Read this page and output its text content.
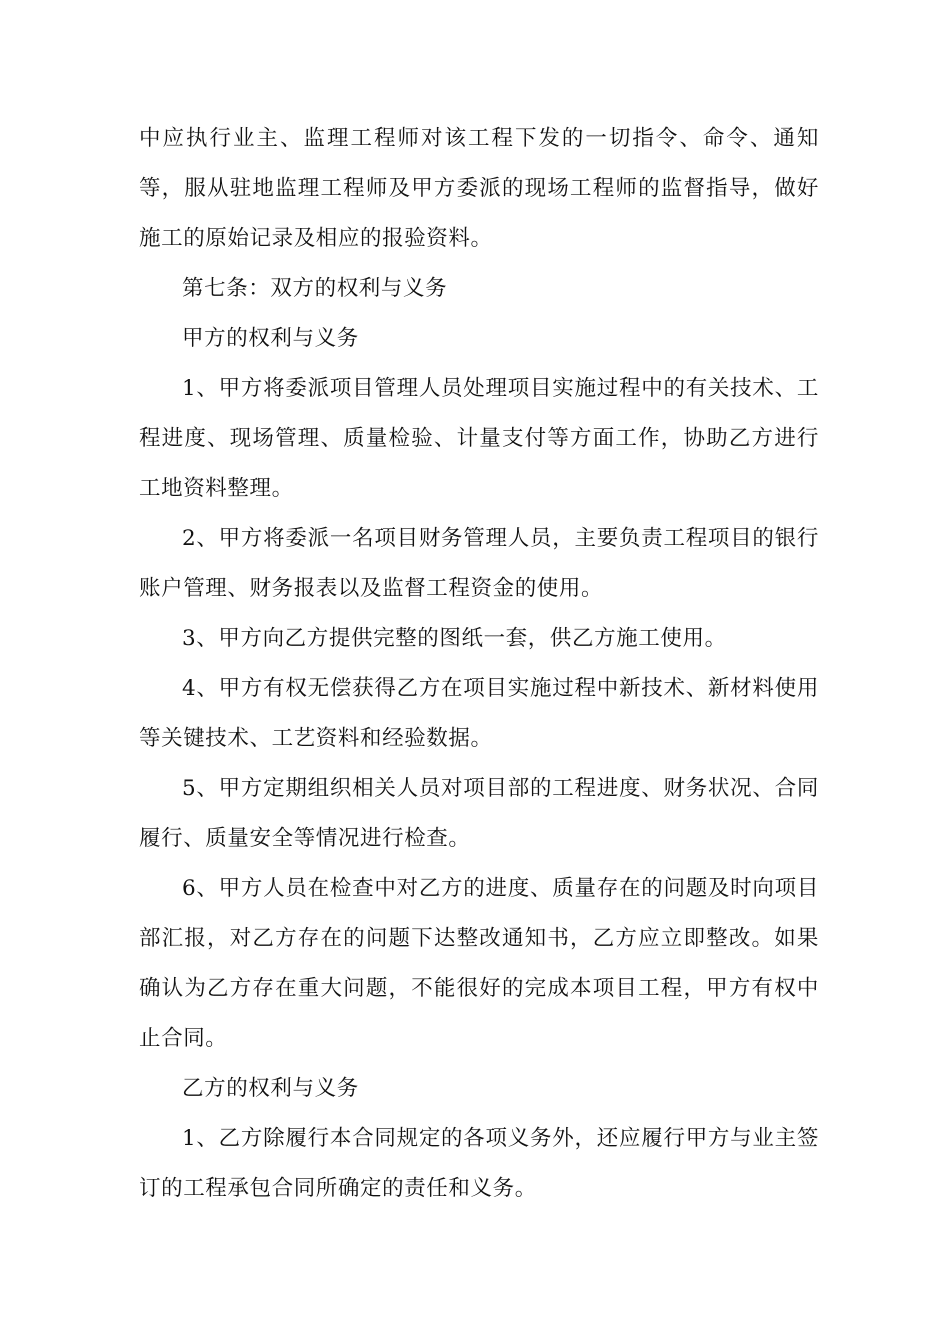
中应执行业主、监理工程师对该工程下发的一切指令、命令、通知等，服从驻地监理工程师及甲方委派的现场工程师的监督指导，做好施工的原始记录及相应的报验资料。

第七条：双方的权利与义务

甲方的权利与义务

1、甲方将委派项目管理人员处理项目实施过程中的有关技术、工程进度、现场管理、质量检验、计量支付等方面工作，协助乙方进行工地资料整理。

2、甲方将委派一名项目财务管理人员，主要负责工程项目的银行账户管理、财务报表以及监督工程资金的使用。

3、甲方向乙方提供完整的图纸一套，供乙方施工使用。

4、甲方有权无偿获得乙方在项目实施过程中新技术、新材料使用等关键技术、工艺资料和经验数据。

5、甲方定期组织相关人员对项目部的工程进度、财务状况、合同履行、质量安全等情况进行检查。

6、甲方人员在检查中对乙方的进度、质量存在的问题及时向项目部汇报，对乙方存在的问题下达整改通知书，乙方应立即整改。如果确认为乙方存在重大问题，不能很好的完成本项目工程，甲方有权中止合同。

乙方的权利与义务

1、乙方除履行本合同规定的各项义务外，还应履行甲方与业主签订的工程承包合同所确定的责任和义务。
